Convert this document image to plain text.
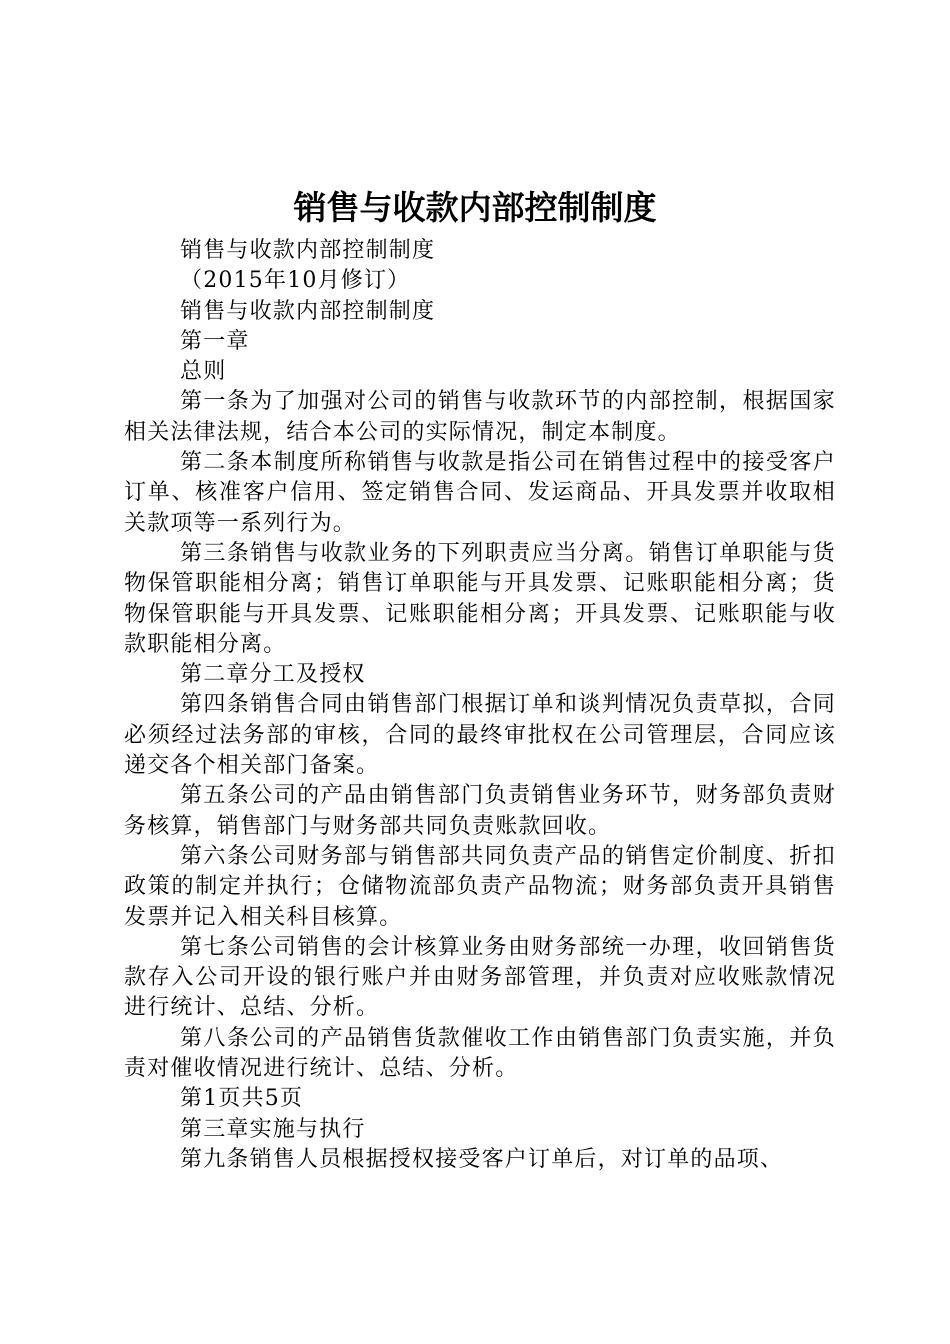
销售与收款内部控制制度

销售与收款内部控制制度

（2015年10月修订）

销售与收款内部控制制度

第一章

总则

第一条为了加强对公司的销售与收款环节的内部控制，根据国家相关法律法规，结合本公司的实际情况，制定本制度。

第二条本制度所称销售与收款是指公司在销售过程中的接受客户订单、核准客户信用、签定销售合同、发运商品、开具发票并收取相关款项等一系列行为。

第三条销售与收款业务的下列职责应当分离。销售订单职能与货物保管职能相分离；销售订单职能与开具发票、记账职能相分离；货物保管职能与开具发票、记账职能相分离；开具发票、记账职能与收款职能相分离。

第二章分工及授权

第四条销售合同由销售部门根据订单和谈判情况负责草拟，合同必须经过法务部的审核，合同的最终审批权在公司管理层，合同应该递交各个相关部门备案。

第五条公司的产品由销售部门负责销售业务环节，财务部负责财务核算，销售部门与财务部共同负责账款回收。

第六条公司财务部与销售部共同负责产品的销售定价制度、折扣政策的制定并执行；仓储物流部负责产品物流；财务部负责开具销售发票并记入相关科目核算。

第七条公司销售的会计核算业务由财务部统一办理，收回销售货款存入公司开设的银行账户并由财务部管理，并负责对应收账款情况进行统计、总结、分析。

第八条公司的产品销售货款催收工作由销售部门负责实施，并负责对催收情况进行统计、总结、分析。

第1页共5页

第三章实施与执行

第九条销售人员根据授权接受客户订单后，对订单的品项、
